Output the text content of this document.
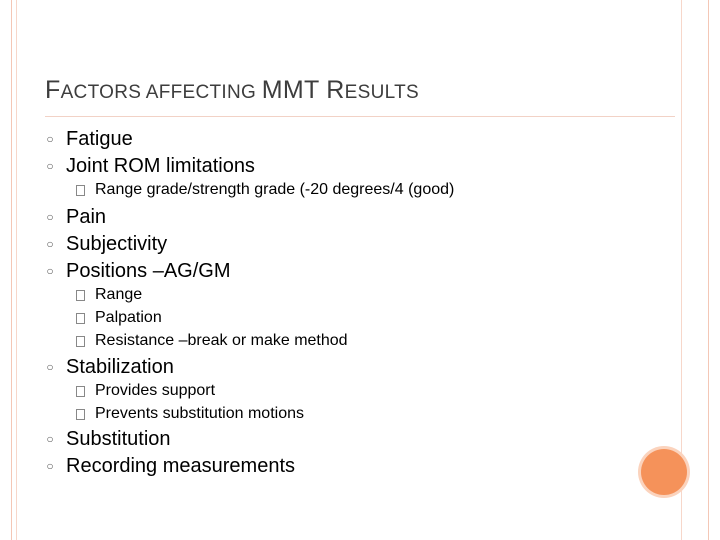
FACTORS AFFECTING MMT RESULTS
○ Fatigue
○ Joint ROM limitations
Range grade/strength grade (-20 degrees/4 (good)
○ Pain
○ Subjectivity
○ Positions –AG/GM
Range
Palpation
Resistance –break or make method
○ Stabilization
Provides support
Prevents substitution motions
○ Substitution
○ Recording measurements
